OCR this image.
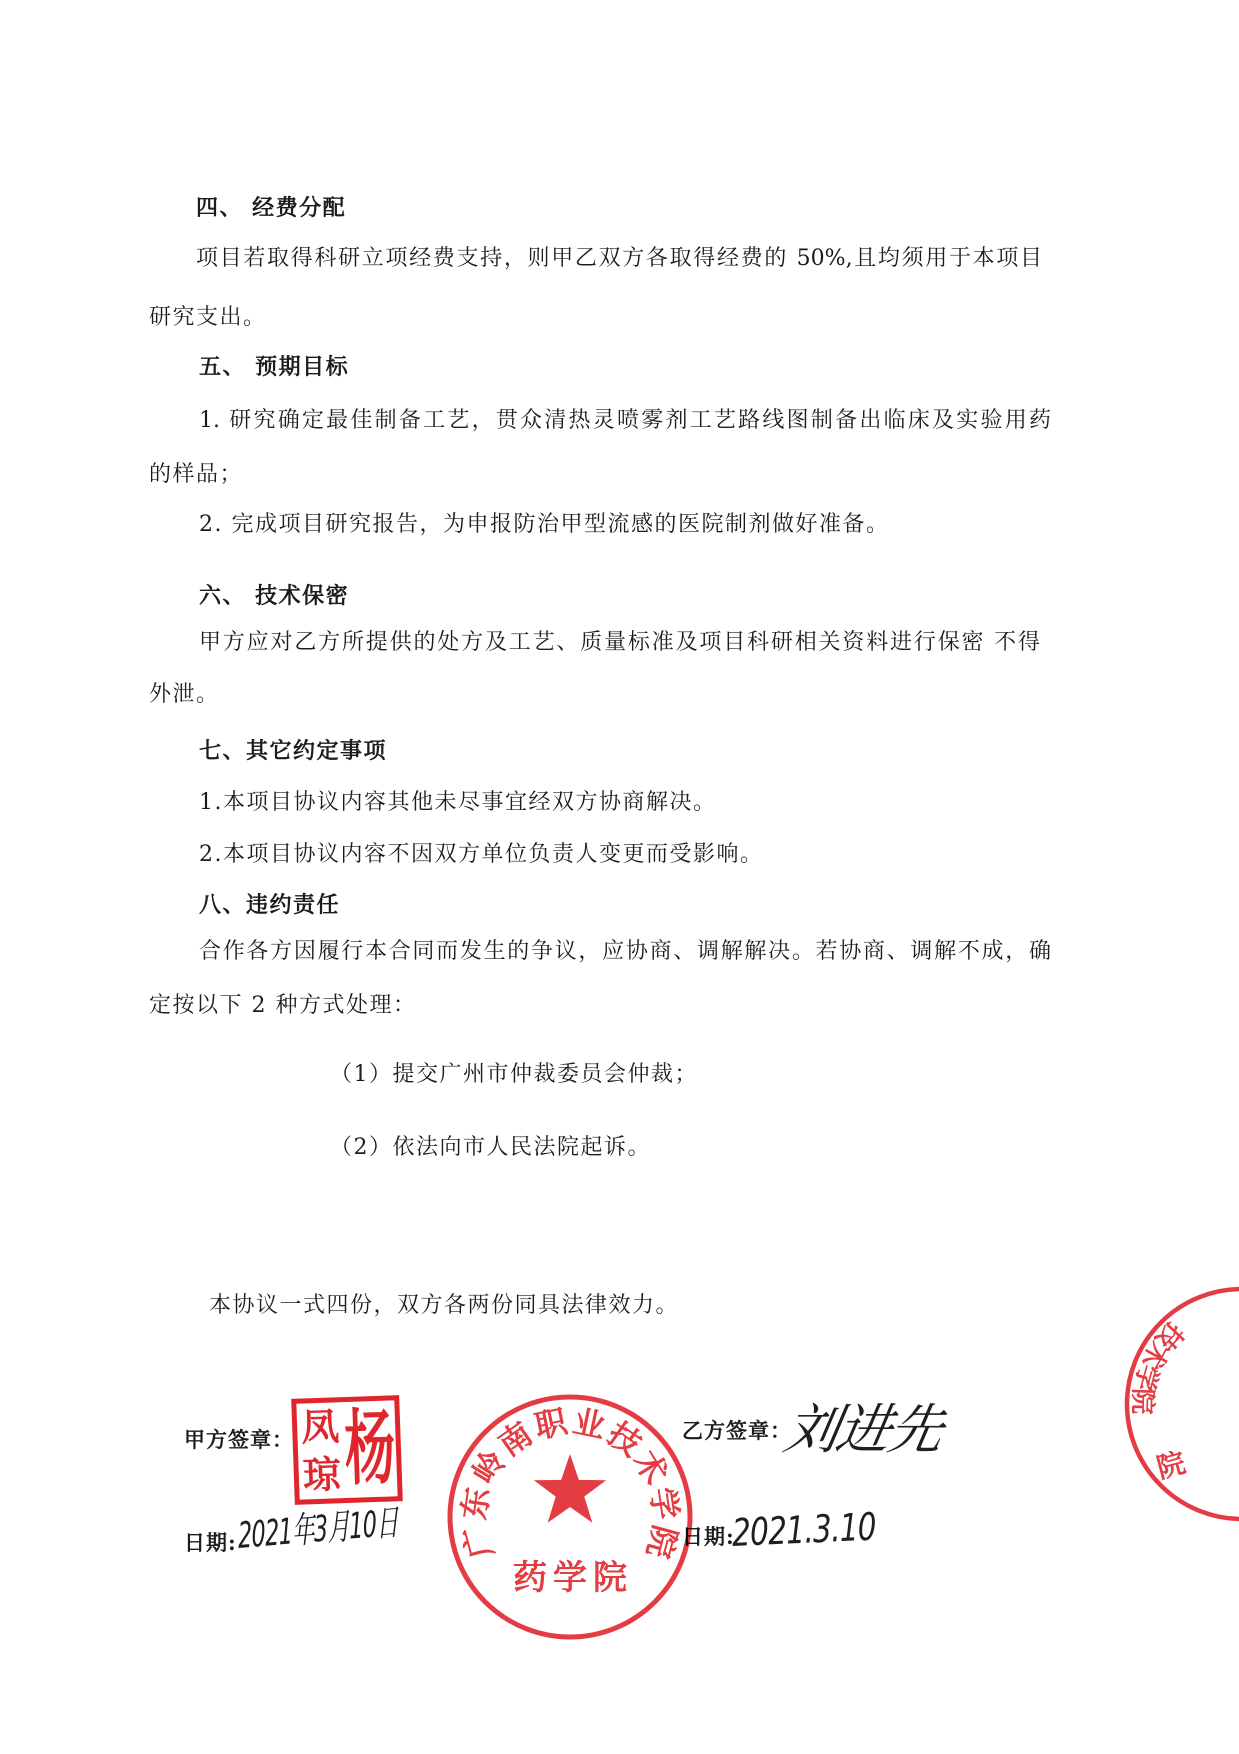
四、 经费分配
项目若取得科研立项经费支持，则甲乙双方各取得经费的 50%,且均须用于本项目
研究支出。
五、 预期目标
1. 研究确定最佳制备工艺，贯众清热灵喷雾剂工艺路线图制备出临床及实验用药
的样品；
2. 完成项目研究报告，为申报防治甲型流感的医院制剂做好准备。
六、 技术保密
甲方应对乙方所提供的处方及工艺、质量标准及项目科研相关资料进行保密 不得
外泄。
七、其它约定事项
1.本项目协议内容其他未尽事宜经双方协商解决。
2.本项目协议内容不因双方单位负责人变更而受影响。
八、违约责任
合作各方因履行本合同而发生的争议，应协商、调解解决。若协商、调解不成，确
定按以下 2 种方式处理：
（1）提交广州市仲裁委员会仲裁；
（2）依法向市人民法院起诉。
本协议一式四份，双方各两份同具法律效力。
甲方签章：
日期: 2021年3月10日
凤
琼 杨	乙方签章：
刘进先
日期:
2021.3.10
广东岭南职业技术学院
药学院
技术学院
院
